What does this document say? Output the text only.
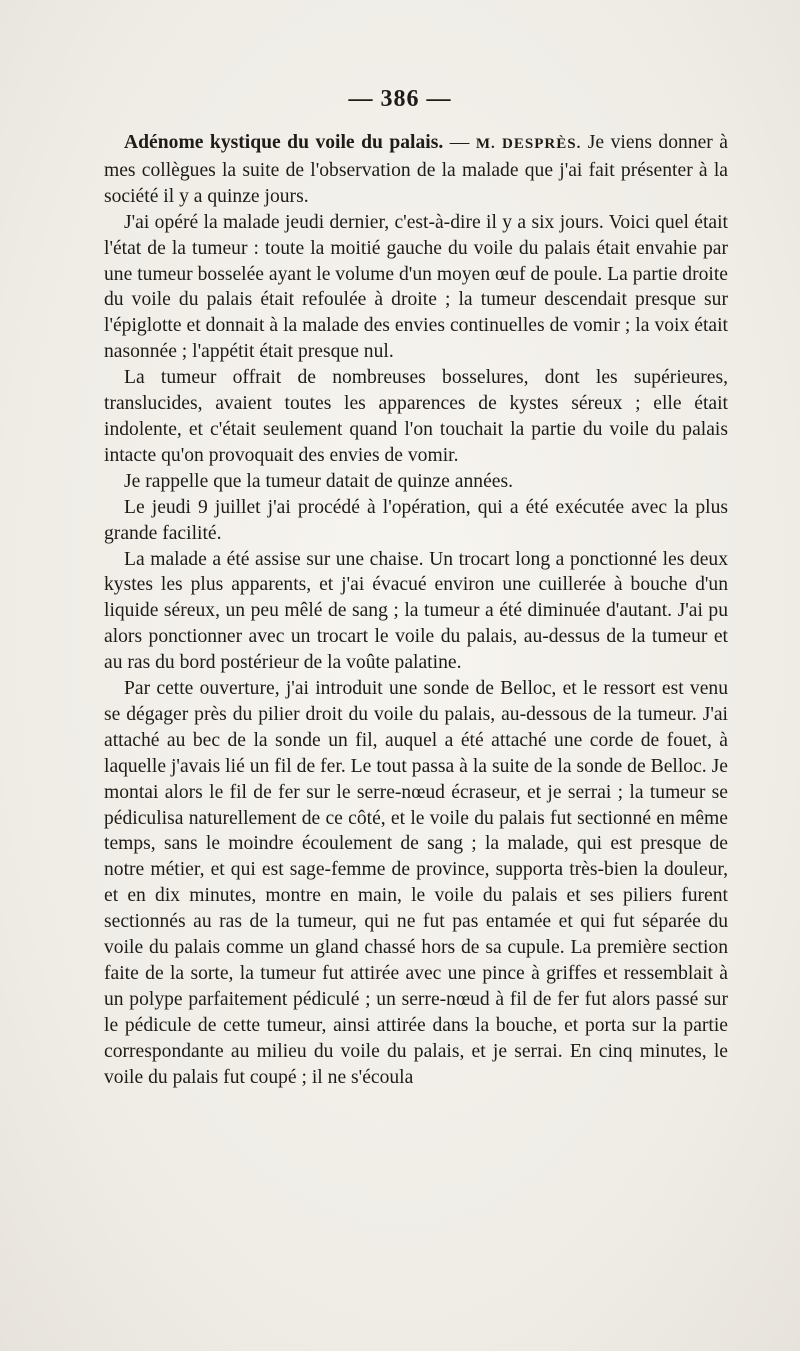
— 386 —

Adénome kystique du voile du palais. — M. DESPRÈS. Je viens donner à mes collègues la suite de l'observation de la malade que j'ai fait présenter à la société il y a quinze jours.

J'ai opéré la malade jeudi dernier, c'est-à-dire il y a six jours. Voici quel était l'état de la tumeur : toute la moitié gauche du voile du palais était envahie par une tumeur bosselée ayant le volume d'un moyen œuf de poule. La partie droite du voile du palais était refoulée à droite ; la tumeur descendait presque sur l'épiglotte et donnait à la malade des envies continuelles de vomir ; la voix était nasonnée ; l'appétit était presque nul.

La tumeur offrait de nombreuses bosselures, dont les supérieures, translucides, avaient toutes les apparences de kystes séreux ; elle était indolente, et c'était seulement quand l'on touchait la partie du voile du palais intacte qu'on provoquait des envies de vomir.

Je rappelle que la tumeur datait de quinze années.

Le jeudi 9 juillet j'ai procédé à l'opération, qui a été exécutée avec la plus grande facilité.

La malade a été assise sur une chaise. Un trocart long a ponctionné les deux kystes les plus apparents, et j'ai évacué environ une cuillerée à bouche d'un liquide séreux, un peu mêlé de sang ; la tumeur a été diminuée d'autant. J'ai pu alors ponctionner avec un trocart le voile du palais, au-dessus de la tumeur et au ras du bord postérieur de la voûte palatine.

Par cette ouverture, j'ai introduit une sonde de Belloc, et le ressort est venu se dégager près du pilier droit du voile du palais, au-dessous de la tumeur. J'ai attaché au bec de la sonde un fil, auquel a été attaché une corde de fouet, à laquelle j'avais lié un fil de fer. Le tout passa à la suite de la sonde de Belloc. Je montai alors le fil de fer sur le serre-nœud écraseur, et je serrai ; la tumeur se pédiculisa naturellement de ce côté, et le voile du palais fut sectionné en même temps, sans le moindre écoulement de sang ; la malade, qui est presque de notre métier, et qui est sage-femme de province, supporta très-bien la douleur, et en dix minutes, montre en main, le voile du palais et ses piliers furent sectionnés au ras de la tumeur, qui ne fut pas entamée et qui fut séparée du voile du palais comme un gland chassé hors de sa cupule. La première section faite de la sorte, la tumeur fut attirée avec une pince à griffes et ressemblait à un polype parfaitement pédiculé ; un serre-nœud à fil de fer fut alors passé sur le pédicule de cette tumeur, ainsi attirée dans la bouche, et porta sur la partie correspondante au milieu du voile du palais, et je serrai. En cinq minutes, le voile du palais fut coupé ; il ne s'écoula
